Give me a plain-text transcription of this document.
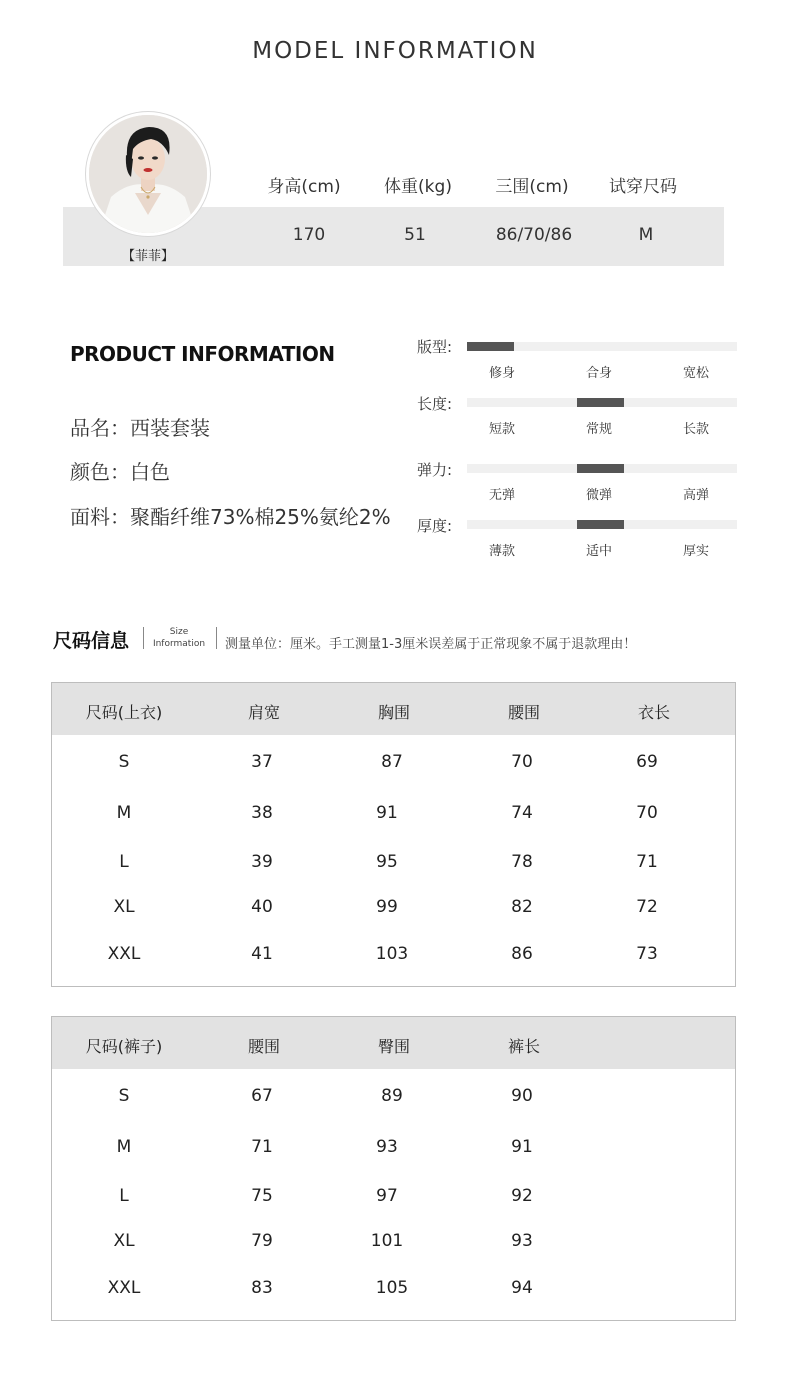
MODEL INFORMATION
【菲菲】
身高(cm)	体重(kg)	三围(cm)	试穿尺码
170	51	86/70/86	M
PRODUCT INFORMATION
品名：西装套装
颜色：白色
面料：聚酯纤维73%棉25%氨纶2%
版型:
修身	合身	宽松
长度:
短款	常规	长款
弹力:
无弹	微弹	高弹
厚度:
薄款	适中	厚实
尺码信息	Size
Information	测量单位：厘米。手工测量1-3厘米误差属于正常现象不属于退款理由！
尺码(上衣)	肩宽	胸围	腰围	衣长
S	37	87	70	69
M	38	91	74	70
L	39	95	78	71
XL	40	99	82	72
XXL	41	103	86	73
尺码(裤子)	腰围	臀围	裤长
S	67	89	90
M	71	93	91
L	75	97	92
XL	79	101	93
XXL	83	105	94
